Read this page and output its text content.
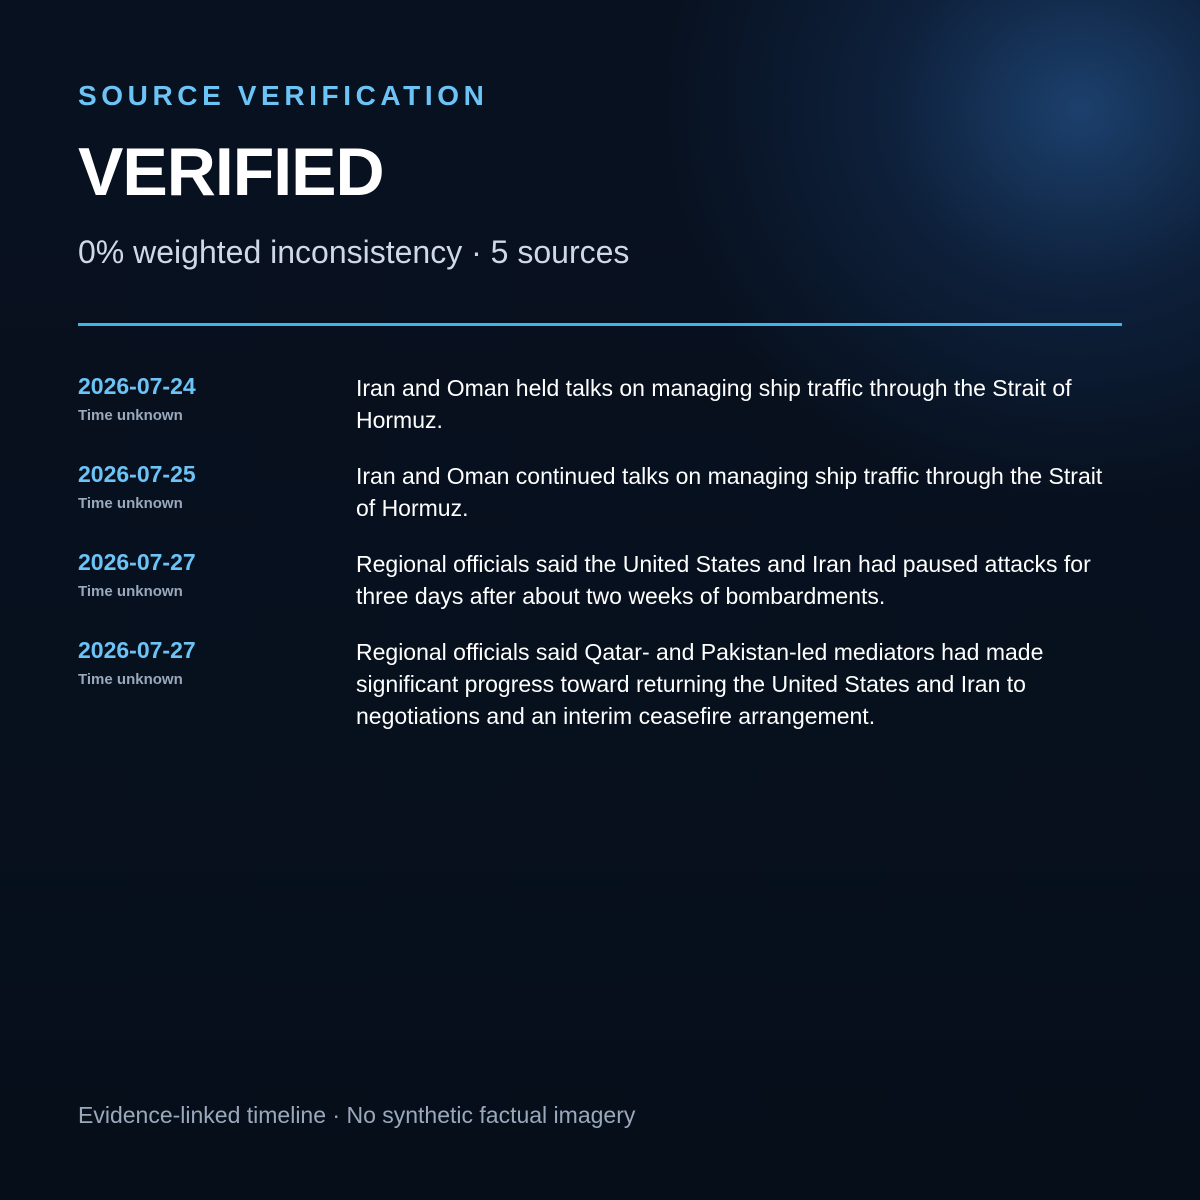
SOURCE VERIFICATION
VERIFIED
0% weighted inconsistency · 5 sources
2026-07-24
Time unknown
Iran and Oman held talks on managing ship traffic through the Strait of Hormuz.
2026-07-25
Time unknown
Iran and Oman continued talks on managing ship traffic through the Strait of Hormuz.
2026-07-27
Time unknown
Regional officials said the United States and Iran had paused attacks for three days after about two weeks of bombardments.
2026-07-27
Time unknown
Regional officials said Qatar- and Pakistan-led mediators had made significant progress toward returning the United States and Iran to negotiations and an interim ceasefire arrangement.
Evidence-linked timeline · No synthetic factual imagery
